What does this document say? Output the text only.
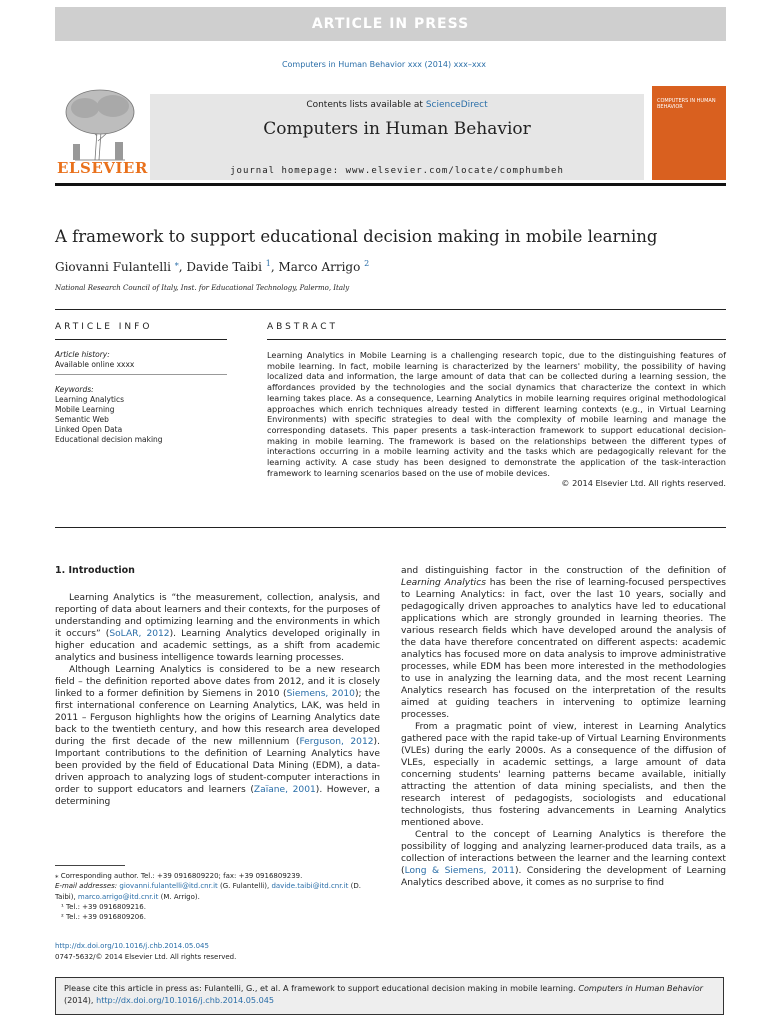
ARTICLE IN PRESS
Computers in Human Behavior xxx (2014) xxx–xxx
ELSEVIER
Contents lists available at ScienceDirect
Computers in Human Behavior
journal homepage: www.elsevier.com/locate/comphumbeh
COMPUTERS IN HUMAN BEHAVIOR
A framework to support educational decision making in mobile learning
Giovanni Fulantelli ⁎, Davide Taibi $^1$, Marco Arrigo $^2$
National Research Council of Italy, Inst. for Educational Technology, Palermo, Italy
ARTICLE INFO	ABSTRACT
Article history:
Available online xxxx
Keywords:
Learning Analytics
Mobile Learning
Semantic Web
Linked Open Data
Educational decision making
Learning Analytics in Mobile Learning is a challenging research topic, due to the distinguishing features of mobile learning. In fact, mobile learning is characterized by the learners' mobility, the possibility of having localized data and information, the large amount of data that can be collected during a learning session, the affordances provided by the technologies and the social dynamics that characterize the context in which learning takes place. As a consequence, Learning Analytics in mobile learning requires original methodological approaches which enrich techniques already tested in different learning contexts (e.g., in Virtual Learning Environments) with specific strategies to deal with the complexity of mobile learning and manage the corresponding datasets. This paper presents a task-interaction framework to support educational decision-making in mobile learning. The framework is based on the relationships between the different types of interactions occurring in a mobile learning activity and the tasks which are pedagogically relevant for the learning activity. A case study has been designed to demonstrate the application of the task-interaction framework to learning scenarios based on the use of mobile devices.
© 2014 Elsevier Ltd. All rights reserved.
1. Introduction

Learning Analytics is “the measurement, collection, analysis, and reporting of data about learners and their contexts, for the purposes of understanding and optimizing learning and the environments in which it occurs” (SoLAR, 2012). Learning Analytics developed originally in higher education and academic settings, as a shift from academic analytics and business intelligence towards learning processes.

Although Learning Analytics is considered to be a new research field – the definition reported above dates from 2012, and it is closely linked to a former definition by Siemens in 2010 (Siemens, 2010); the first international conference on Learning Analytics, LAK, was held in 2011 – Ferguson highlights how the origins of Learning Analytics date back to the twentieth century, and how this research area developed during the first decade of the new millennium (Ferguson, 2012). Important contributions to the definition of Learning Analytics have been provided by the field of Educational Data Mining (EDM), a data-driven approach to analyzing logs of student-computer interactions in order to support educators and learners (Zaïane, 2001). However, a determining

and distinguishing factor in the construction of the definition of Learning Analytics has been the rise of learning-focused perspectives to Learning Analytics: in fact, over the last 10 years, socially and pedagogically driven approaches to analytics have led to educational applications which are strongly grounded in learning theories. The various research fields which have developed around the analysis of the data have therefore concentrated on different aspects: academic analytics has focused more on data analysis to improve administrative processes, while EDM has been more interested in the methodologies to use in analyzing the learning data, and the most recent Learning Analytics research has focused on the interpretation of the results aimed at guiding teachers in intervening to optimize learning processes.

From a pragmatic point of view, interest in Learning Analytics gathered pace with the rapid take-up of Virtual Learning Environments (VLEs) during the early 2000s. As a consequence of the diffusion of VLEs, especially in academic settings, a large amount of data concerning students' learning patterns became available, initially attracting the attention of data mining specialists, and then the research interest of pedagogists, sociologists and educational technologists, thus fostering advancements in Learning Analytics mentioned above.

Central to the concept of Learning Analytics is therefore the possibility of logging and analyzing learner-produced data trails, as a collection of interactions between the learner and the learning context (Long & Siemens, 2011). Considering the development of Learning Analytics described above, it comes as no surprise to find

⁎ Corresponding author. Tel.: +39 0916809220; fax: +39 0916809239.
E-mail addresses: giovanni.fulantelli@itd.cnr.it (G. Fulantelli), davide.taibi@itd.cnr.it (D. Taibi), marco.arrigo@itd.cnr.it (M. Arrigo).
¹ Tel.: +39 0916809216.
² Tel.: +39 0916809206.
http://dx.doi.org/10.1016/j.chb.2014.05.045
0747-5632/© 2014 Elsevier Ltd. All rights reserved.
Please cite this article in press as: Fulantelli, G., et al. A framework to support educational decision making in mobile learning. Computers in Human Behavior (2014), http://dx.doi.org/10.1016/j.chb.2014.05.045
